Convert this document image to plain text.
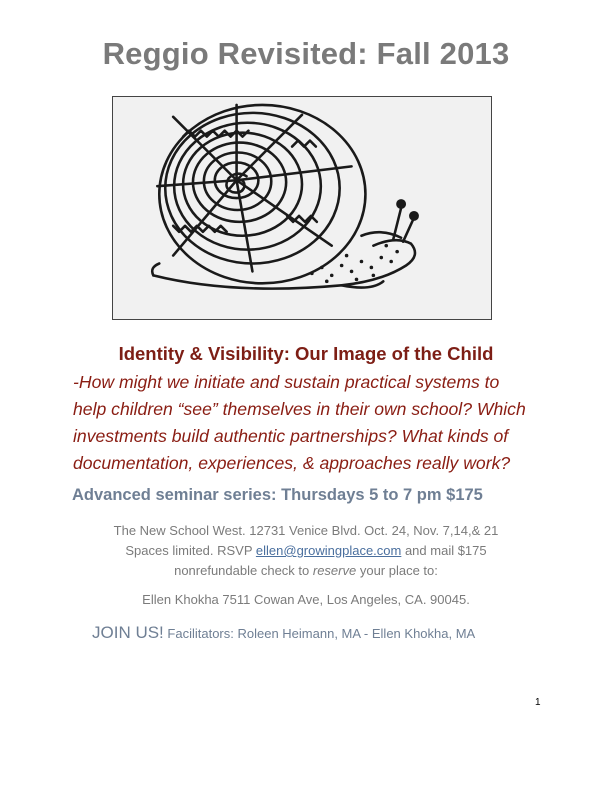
Reggio Revisited: Fall 2013
Identity & Visibility: Our Image of the Child
-How might we initiate and sustain practical systems to
help children “see” themselves in their own school? Which
investments build authentic partnerships? What kinds of
documentation, experiences, & approaches really work?
Advanced seminar series: Thursdays 5 to 7 pm $175
The New School West. 12731 Venice Blvd. Oct. 24, Nov. 7,14,& 21
Spaces limited. RSVP ellen@growingplace.com and mail $175
nonrefundable check to reserve your place to:
Ellen Khokha 7511 Cowan Ave, Los Angeles, CA. 90045.
JOIN US! Facilitators: Roleen Heimann, MA - Ellen Khokha, MA
1
